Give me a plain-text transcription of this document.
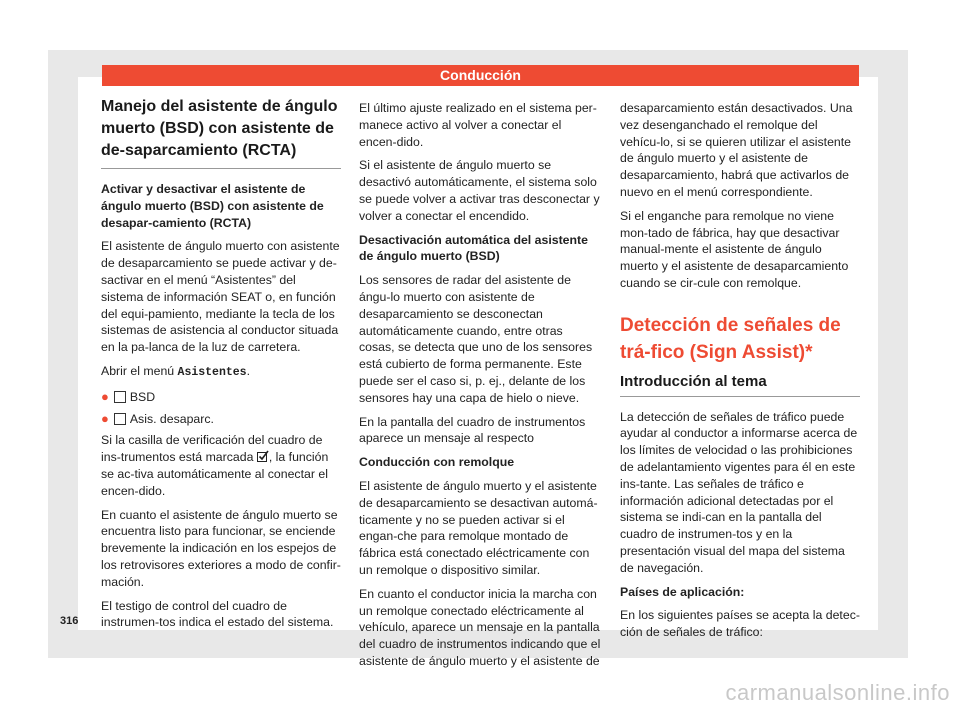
Conducción
Manejo del asistente de ángulo muerto (BSD) con asistente de de-saparcamiento (RCTA)

Activar y desactivar el asistente de ángulo muerto (BSD) con asistente de desapar-camiento (RCTA)

El asistente de ángulo muerto con asistente de desaparcamiento se puede activar y de-sactivar en el menú “Asistentes” del sistema de información SEAT o, en función del equi-pamiento, mediante la tecla de los sistemas de asistencia al conductor situada en la pa-lanca de la luz de carretera.

Abrir el menú Asistentes.

● BSD
● Asis. desaparc.

Si la casilla de verificación del cuadro de ins-trumentos está marcada , la función se ac-tiva automáticamente al conectar el encen-dido.

En cuanto el asistente de ángulo muerto se encuentra listo para funcionar, se enciende brevemente la indicación en los espejos de los retrovisores exteriores a modo de confir-mación.

El testigo de control del cuadro de instrumen-tos indica el estado del sistema.

El último ajuste realizado en el sistema per-manece activo al volver a conectar el encen-dido.

Si el asistente de ángulo muerto se desactivó automáticamente, el sistema solo se puede volver a activar tras desconectar y volver a conectar el encendido.

Desactivación automática del asistente de ángulo muerto (BSD)

Los sensores de radar del asistente de ángu-lo muerto con asistente de desaparcamiento se desconectan automáticamente cuando, entre otras cosas, se detecta que uno de los sensores está cubierto de forma permanente. Este puede ser el caso si, p. ej., delante de los sensores hay una capa de hielo o nieve.

En la pantalla del cuadro de instrumentos aparece un mensaje al respecto

Conducción con remolque

El asistente de ángulo muerto y el asistente de desaparcamiento se desactivan automá-ticamente y no se pueden activar si el engan-che para remolque montado de fábrica está conectado eléctricamente con un remolque o dispositivo similar.

En cuanto el conductor inicia la marcha con un remolque conectado eléctricamente al vehículo, aparece un mensaje en la pantalla del cuadro de instrumentos indicando que el asistente de ángulo muerto y el asistente de

desaparcamiento están desactivados. Una vez desenganchado el remolque del vehícu-lo, si se quieren utilizar el asistente de ángulo muerto y el asistente de desaparcamiento, habrá que activarlos de nuevo en el menú correspondiente.

Si el enganche para remolque no viene mon-tado de fábrica, hay que desactivar manual-mente el asistente de ángulo muerto y el asistente de desaparcamiento cuando se cir-cule con remolque.

Detección de señales de trá-fico (Sign Assist)*
Introducción al tema

La detección de señales de tráfico puede ayudar al conductor a informarse acerca de los límites de velocidad o las prohibiciones de adelantamiento vigentes para él en este ins-tante. Las señales de tráfico e información adicional detectadas por el sistema se indi-can en la pantalla del cuadro de instrumen-tos y en la presentación visual del mapa del sistema de navegación.

Países de aplicación:

En los siguientes países se acepta la detec-ción de señales de tráfico:

316
carmanualsonline.info
